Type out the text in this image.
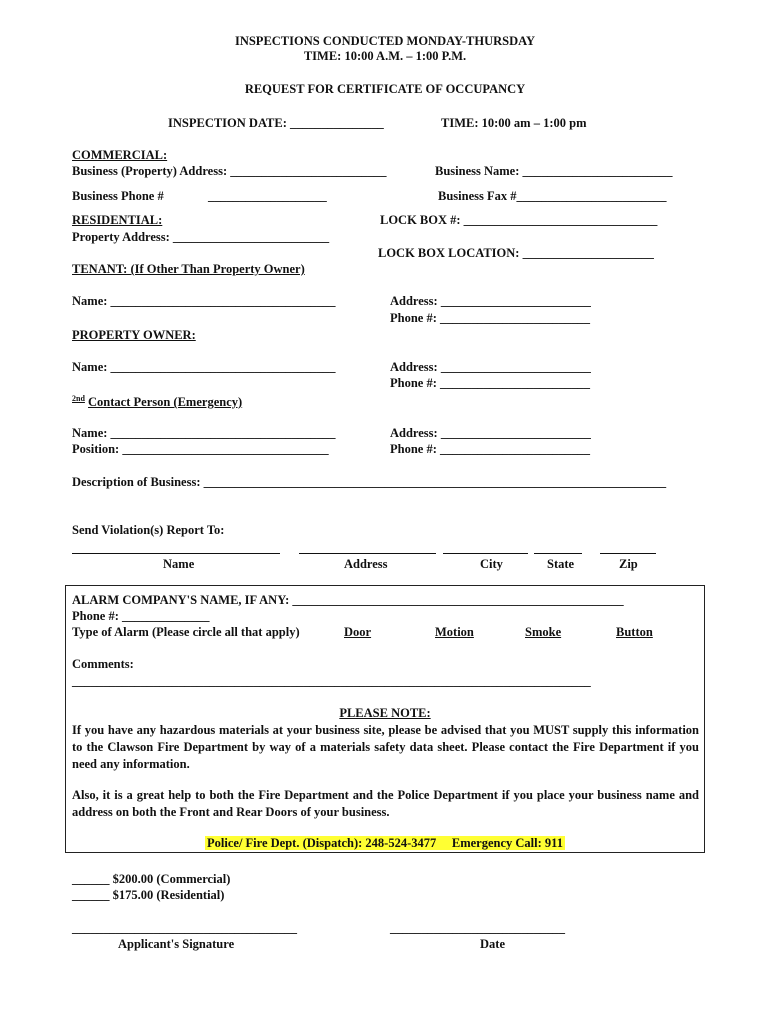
INSPECTIONS CONDUCTED MONDAY-THURSDAY
TIME: 10:00 A.M. – 1:00 P.M.
REQUEST FOR CERTIFICATE OF OCCUPANCY
INSPECTION DATE: _______________	TIME: 10:00 am – 1:00 pm
COMMERCIAL:
Business (Property) Address: _________________________	Business Name: ________________________
Business Phone #	___________________	Business Fax #________________________
RESIDENTIAL:
Property Address: _________________________
LOCK BOX #: _______________________________
LOCK BOX LOCATION: _____________________
TENANT: (If Other Than Property Owner)
Name: ____________________________________	Address: ________________________
Phone #: ________________________
PROPERTY OWNER:
Name: ____________________________________	Address: ________________________
Phone #: ________________________
$^{2nd}$ Contact Person (Emergency)
Name: ____________________________________
Position: _________________________________
Address: ________________________
Phone #: ________________________
Description of Business: __________________________________________________________________________
Send Violation(s) Report To:
Name	Address	City	State	Zip
ALARM COMPANY'S NAME, IF ANY: _____________________________________________________
Phone #: ______________
Type of Alarm (Please circle all that apply)	Door	Motion	Smoke	Button
Comments:
___________________________________________________________________________________
PLEASE NOTE:
If you have any hazardous materials at your business site, please be advised that you MUST supply this information to the Clawson Fire Department by way of a materials safety data sheet. Please contact the Fire Department if you need any information.
Also, it is a great help to both the Fire Department and the Police Department if you place your business name and address on both the Front and Rear Doors of your business.
Police/ Fire Dept. (Dispatch): 248-524-3477     Emergency Call: 911
______ $200.00 (Commercial)
______ $175.00 (Residential)
____________________________________
Applicant's Signature
____________________________
Date
